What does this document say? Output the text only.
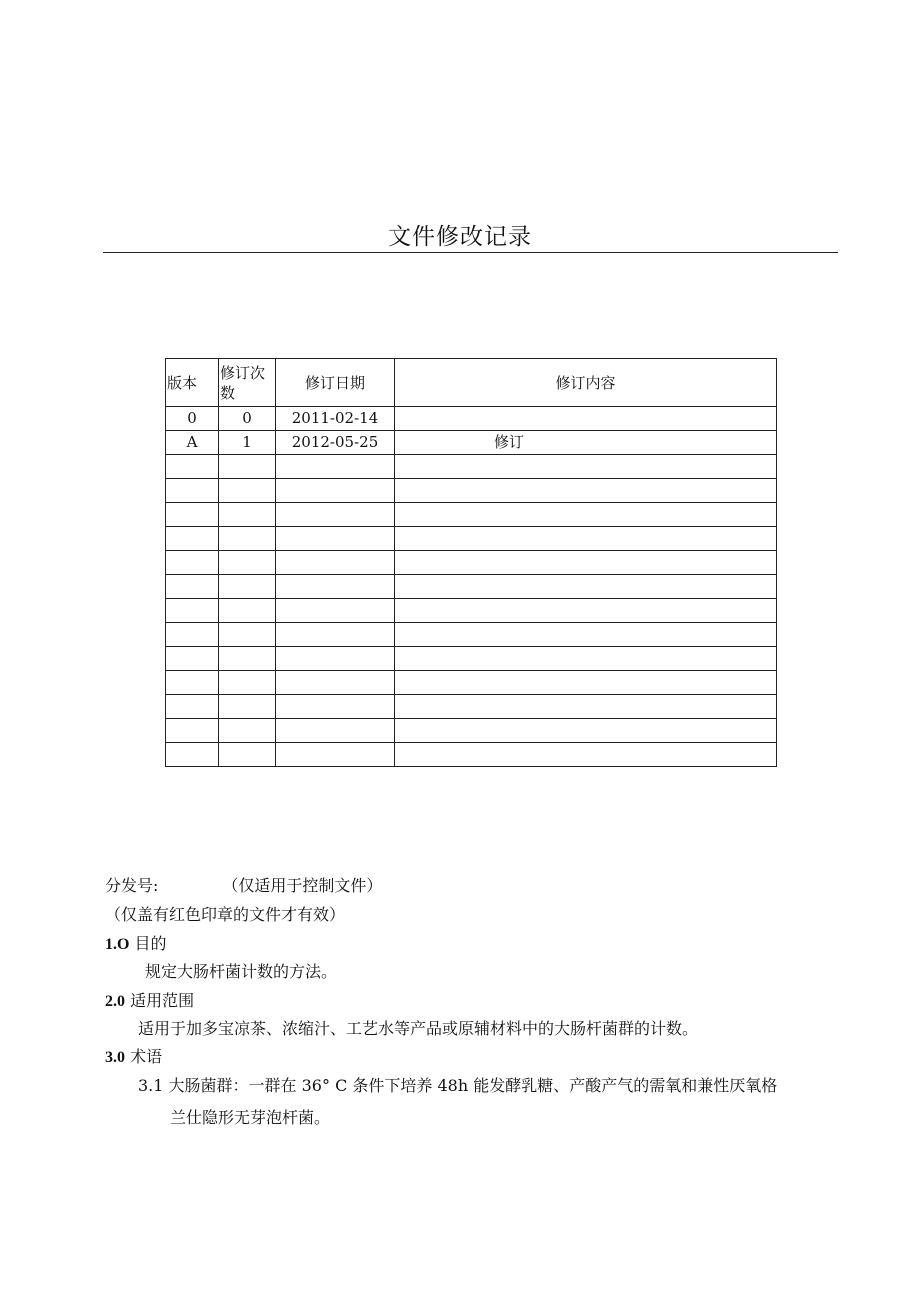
文件修改记录
版本	修订次数	修订日期	修订内容
0	0	2011-02-14	
A	1	2012-05-25	修订

分发号:	（仅适用于控制文件）
（仅盖有红色印章的文件才有效）
1.O 目的
规定大肠杆菌计数的方法。
2.0 适用范围
适用于加多宝凉茶、浓缩汁、工艺水等产品或原辅材料中的大肠杆菌群的计数。
3.0 术语
3.1 大肠菌群：一群在 36° C 条件下培养 48h 能发酵乳糖、产酸产气的需氧和兼性厌氧格
兰仕隐形无芽泡杆菌。
